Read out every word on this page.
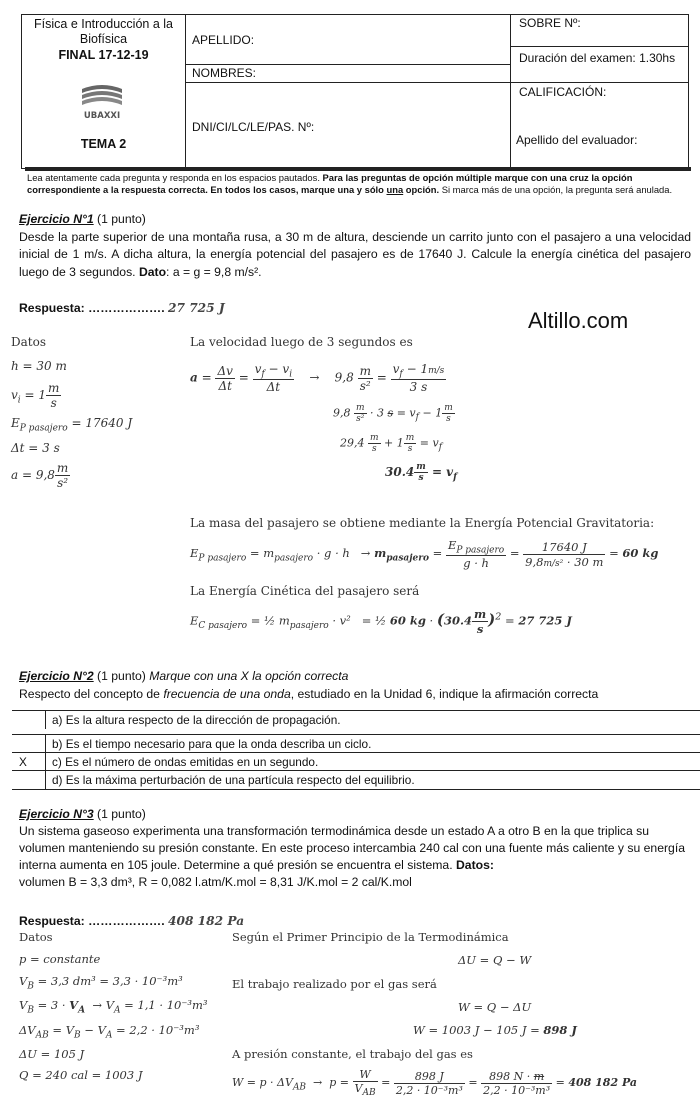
Física e Introducción a la Biofísica
FINAL 17-12-19
UBAXXI
TEMA 2
APELLIDO:
NOMBRES:
DNI/CI/LC/LE/PAS. Nº:
SOBRE Nº:
Duración del examen: 1.30hs
CALIFICACIÓN:
Apellido del evaluador:
Lea atentamente cada pregunta y responda en los espacios pautados. Para las preguntas de opción múltiple marque con una cruz la opción correspondiente a la respuesta correcta. En todos los casos, marque una y sólo una opción. Si marca más de una opción, la pregunta será anulada.
Ejercicio N°1 (1 punto)

Desde la parte superior de una montaña rusa, a 30 m de altura, desciende un carrito junto con el pasajero a una velocidad inicial de 1 m/s. A dicha altura, la energía potencial del pasajero es de 17640 J. Calcule la energía cinética del pasajero luego de 3 segundos. Dato: a = g = 9,8 m/s².
Respuesta: ………………. 27 725 J	Altillo.com
Datos
h = 30 m
$v_i = 1 \frac{m}{s}$
$E_{P pasajero} = 17640$ J
Δt = 3 s
$a = 9,8 \frac{m}{\text{s²}}$
La velocidad luego de 3 segundos es
$a = \frac{\Delta v}{\Delta t} = \frac{v_f - v_i}{\Delta t}$ →    $9,8 \frac{m}{\text{s²}} = \frac{v_f - 1m/s}{3 s}$
$9,8 \frac{m}{\text{s²}} \cdot 3$ $s = v_f - 1 \frac{m}{s}$
$29,4 \frac{m}{s} + 1 \frac{m}{s} = v_f$
$30.4 \frac{m}{s} = v_f$
La masa del pasajero se obtiene mediante la Energía Potencial Gravitatoria:
$E_{P pasajero} = m_{pasajero} \cdot g \cdot h \to m_{pasajero} = \frac{E_{P pasajero}}{g \cdot h} = \frac{17640 J}{\text{9,8m/s² · 30 m}} = 60$ kg
La Energía Cinética del pasajero será
$E_{C pasajero}$ = ½ $m_{pasajero} \cdot v^2$   = ½ 60 kg · $(30.4 \frac{m}{s} )^2 = 27$ 725 J
Ejercicio N°2 (1 punto) Marque con una X la opción correcta
Respecto del concepto de frecuencia de una onda, estudiado en la Unidad 6, indique la afirmación correcta
a) Es la altura respecto de la dirección de propagación.
b) Es el tiempo necesario para que la onda describa un ciclo.
X	c) Es el número de ondas emitidas en un segundo.
d) Es la máxima perturbación de una partícula respecto del equilibrio.
Ejercicio N°3 (1 punto)
Un sistema gaseoso experimenta una transformación termodinámica desde un estado A a otro B en la que triplica su volumen manteniendo su presión constante. En este proceso intercambia 240 cal con una fuente más caliente y su energía interna aumenta en 105 joule. Determine a qué presión se encuentra el sistema. Datos:
volumen B = 3,3 dm³, R = 0,082 l.atm/K.mol = 8,31 J/K.mol = 2 cal/K.mol
Respuesta: ………………. 408 182 Pa
Datos
p = constante
$V_B = 3,3$ dm³ = 3,3 · 10⁻³m³
$V_B = 3 \cdot V_A \to V_A = 1,1 \cdot 10^{-3}m^3$
$\Delta V_{AB} = V_B - V_A = 2,2 \cdot 10^{-3}m^3$
ΔU = 105 J
Q = 240 cal = 1003 J
Según el Primer Principio de la Termodinámica
ΔU = Q − W
El trabajo realizado por el gas será
W = Q − ΔU
W = 1003 J − 105 J = 898 J
A presión constante, el trabajo del gas es
$W = p \cdot \Delta V_{AB} \to p = \frac{W}{V_{AB}} = \frac{898 J}{\text{2,2 · 10⁻³m³}} = \frac{898 N \cdot m}{\text{2,2 · 10⁻³m³}} = 408$ 182 Pa
